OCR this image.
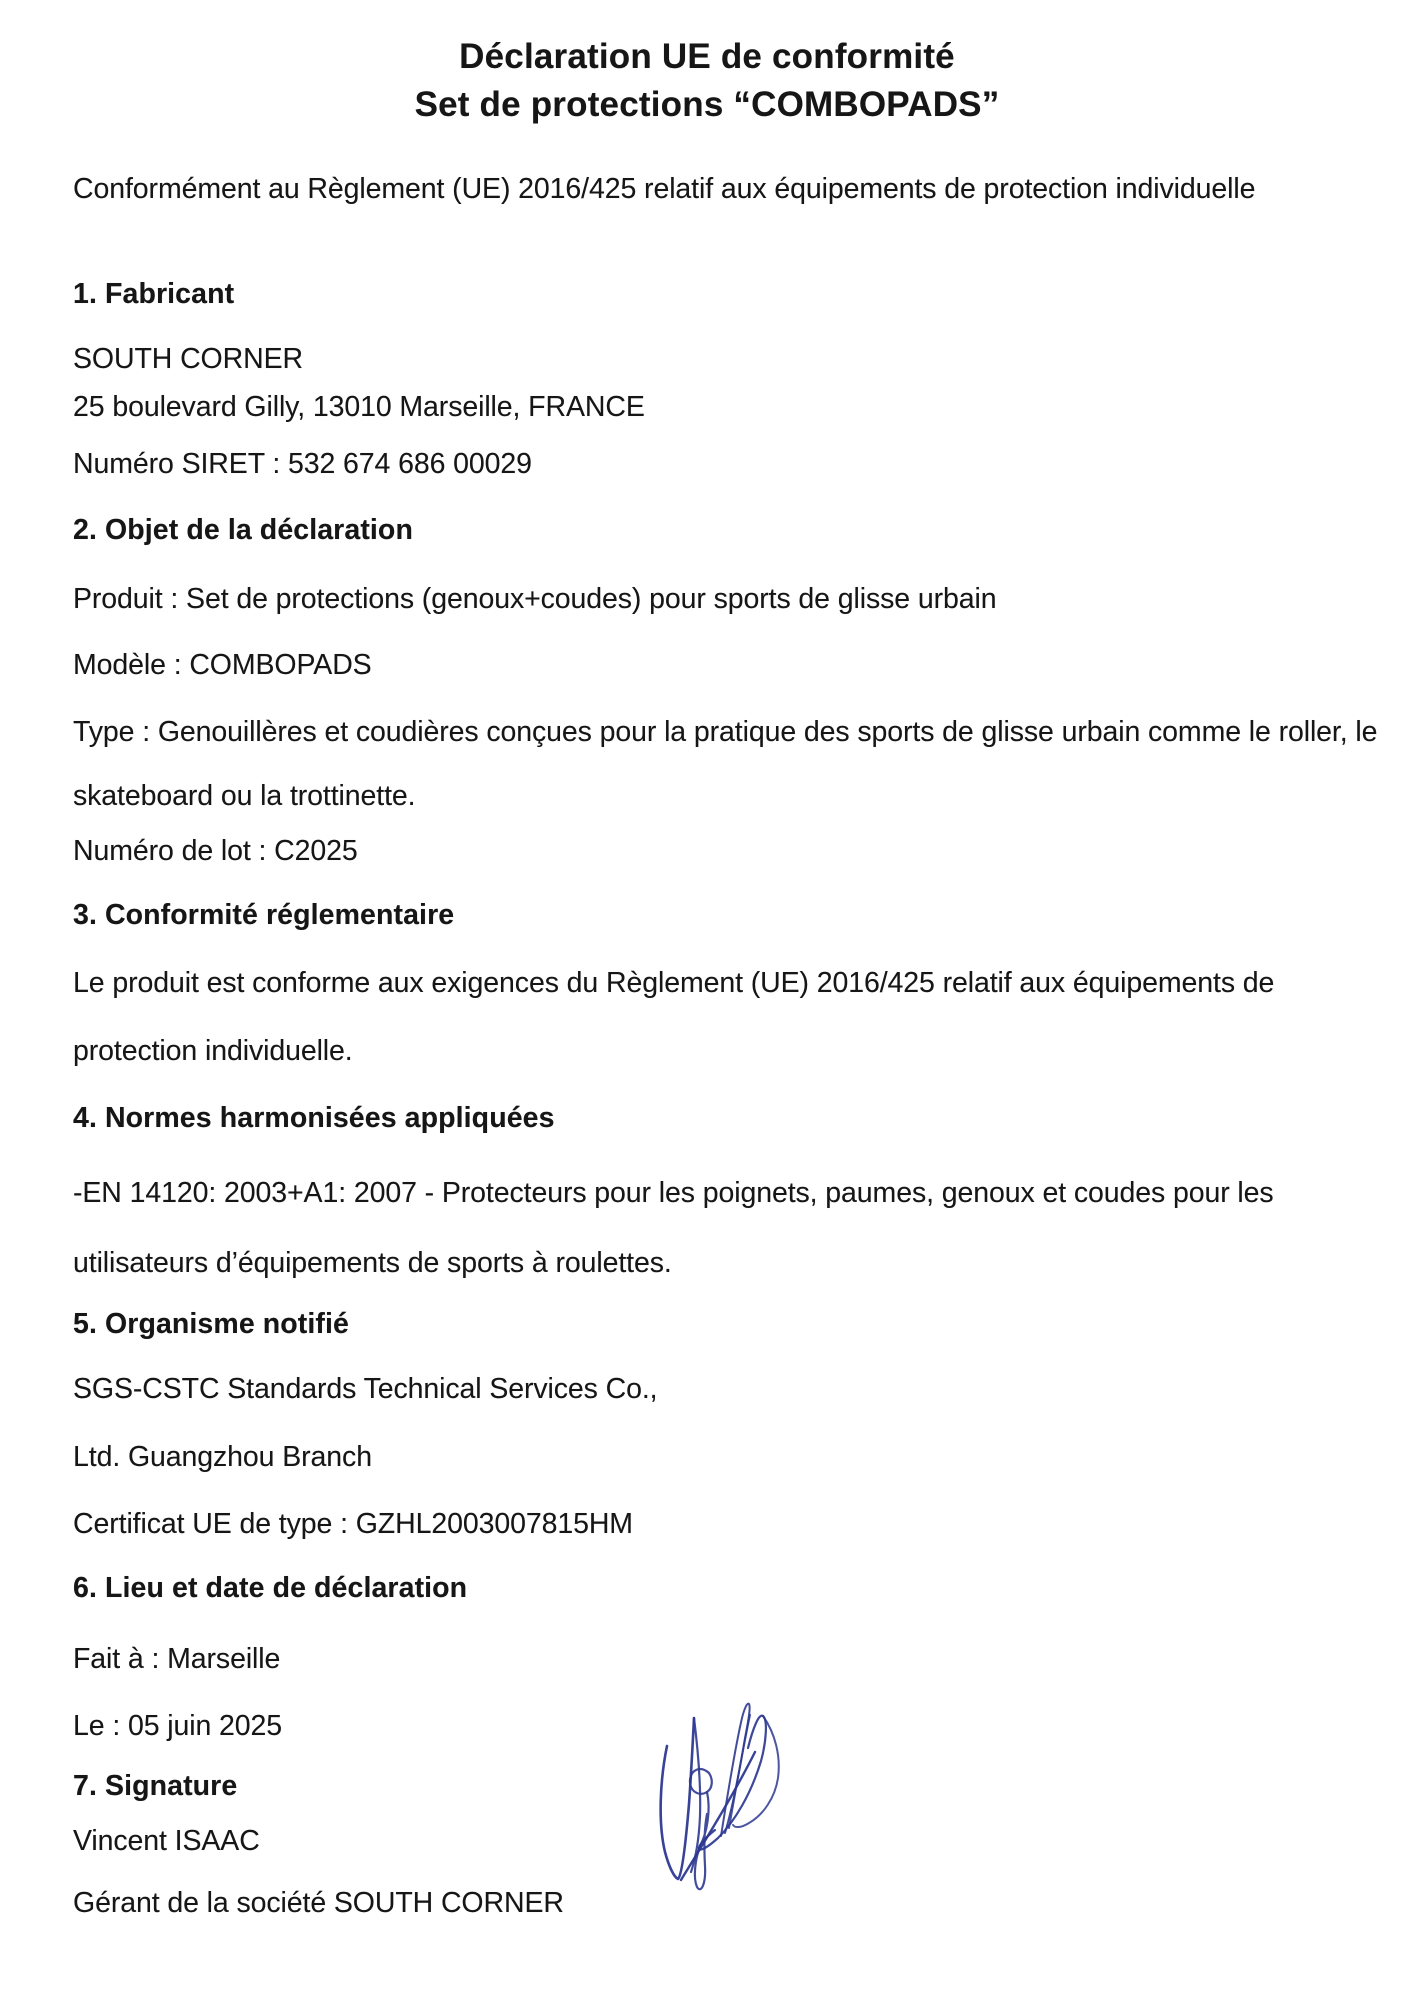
Déclaration UE de conformité
Set de protections “COMBOPADS”
Conformément au Règlement (UE) 2016/425 relatif aux équipements de protection individuelle
1. Fabricant
SOUTH CORNER
25 boulevard Gilly, 13010 Marseille, FRANCE
Numéro SIRET : 532 674 686 00029
2. Objet de la déclaration
Produit : Set de protections (genoux+coudes) pour sports de glisse urbain
Modèle : COMBOPADS
Type : Genouillères et coudières conçues pour la pratique des sports de glisse urbain comme le roller, le
skateboard ou la trottinette.
Numéro de lot : C2025
3. Conformité réglementaire
Le produit est conforme aux exigences du Règlement (UE) 2016/425 relatif aux équipements de
protection individuelle.
4. Normes harmonisées appliquées
-EN 14120: 2003+A1: 2007 - Protecteurs pour les poignets, paumes, genoux et coudes pour les
utilisateurs d’équipements de sports à roulettes.
5. Organisme notifié
SGS-CSTC Standards Technical Services Co.,
Ltd. Guangzhou Branch
Certificat UE de type : GZHL2003007815HM
6. Lieu et date de déclaration
Fait à : Marseille
Le : 05 juin 2025
7. Signature
Vincent ISAAC
Gérant de la société SOUTH CORNER
